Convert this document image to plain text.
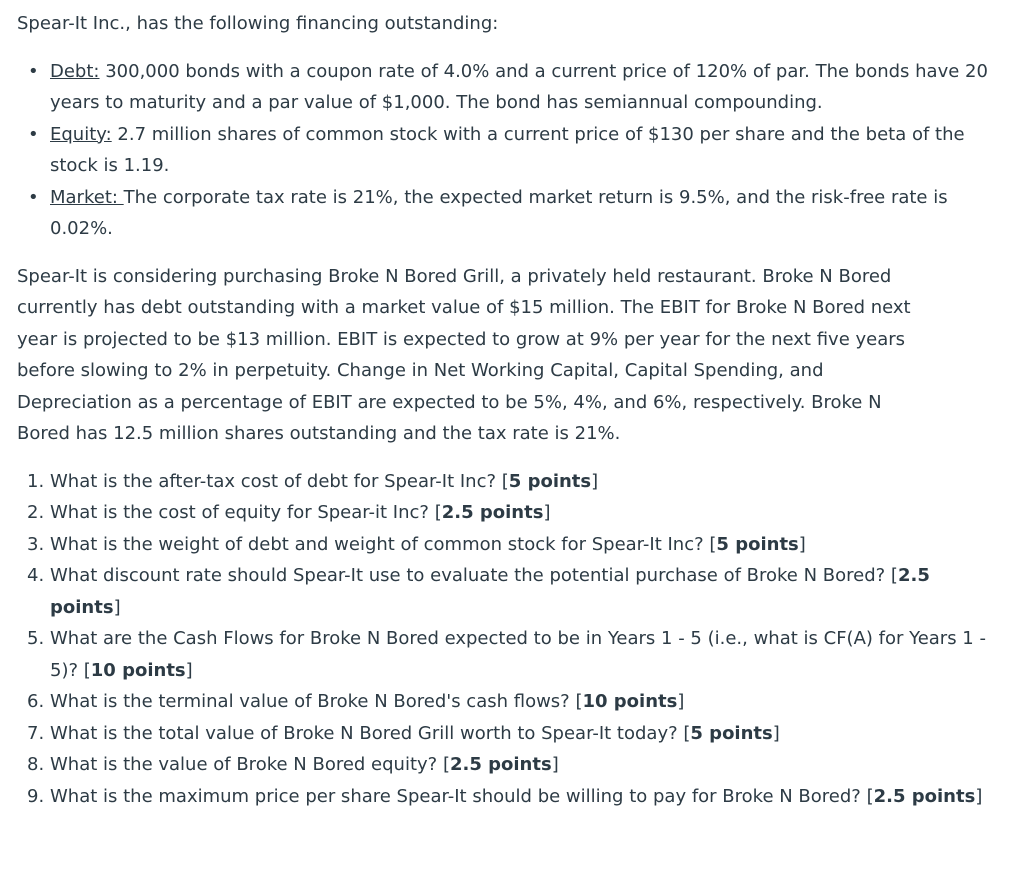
Spear-It Inc., has the following financing outstanding:

• Debt: 300,000 bonds with a coupon rate of 4.0% and a current price of 120% of par. The bonds have 20 years to maturity and a par value of $1,000. The bond has semiannual compounding.
• Equity: 2.7 million shares of common stock with a current price of $130 per share and the beta of the stock is 1.19.
• Market: The corporate tax rate is 21%, the expected market return is 9.5%, and the risk-free rate is 0.02%.

Spear-It is considering purchasing Broke N Bored Grill, a privately held restaurant. Broke N Bored currently has debt outstanding with a market value of $15 million. The EBIT for Broke N Bored next year is projected to be $13 million. EBIT is expected to grow at 9% per year for the next five years before slowing to 2% in perpetuity. Change in Net Working Capital, Capital Spending, and Depreciation as a percentage of EBIT are expected to be 5%, 4%, and 6%, respectively. Broke N Bored has 12.5 million shares outstanding and the tax rate is 21%.

1. What is the after-tax cost of debt for Spear-It Inc? [5 points]
2. What is the cost of equity for Spear-it Inc? [2.5 points]
3. What is the weight of debt and weight of common stock for Spear-It Inc? [5 points]
4. What discount rate should Spear-It use to evaluate the potential purchase of Broke N Bored? [2.5 points]
5. What are the Cash Flows for Broke N Bored expected to be in Years 1 - 5 (i.e., what is CF(A) for Years 1 - 5)? [10 points]
6. What is the terminal value of Broke N Bored's cash flows? [10 points]
7. What is the total value of Broke N Bored Grill worth to Spear-It today? [5 points]
8. What is the value of Broke N Bored equity? [2.5 points]
9. What is the maximum price per share Spear-It should be willing to pay for Broke N Bored? [2.5 points]
